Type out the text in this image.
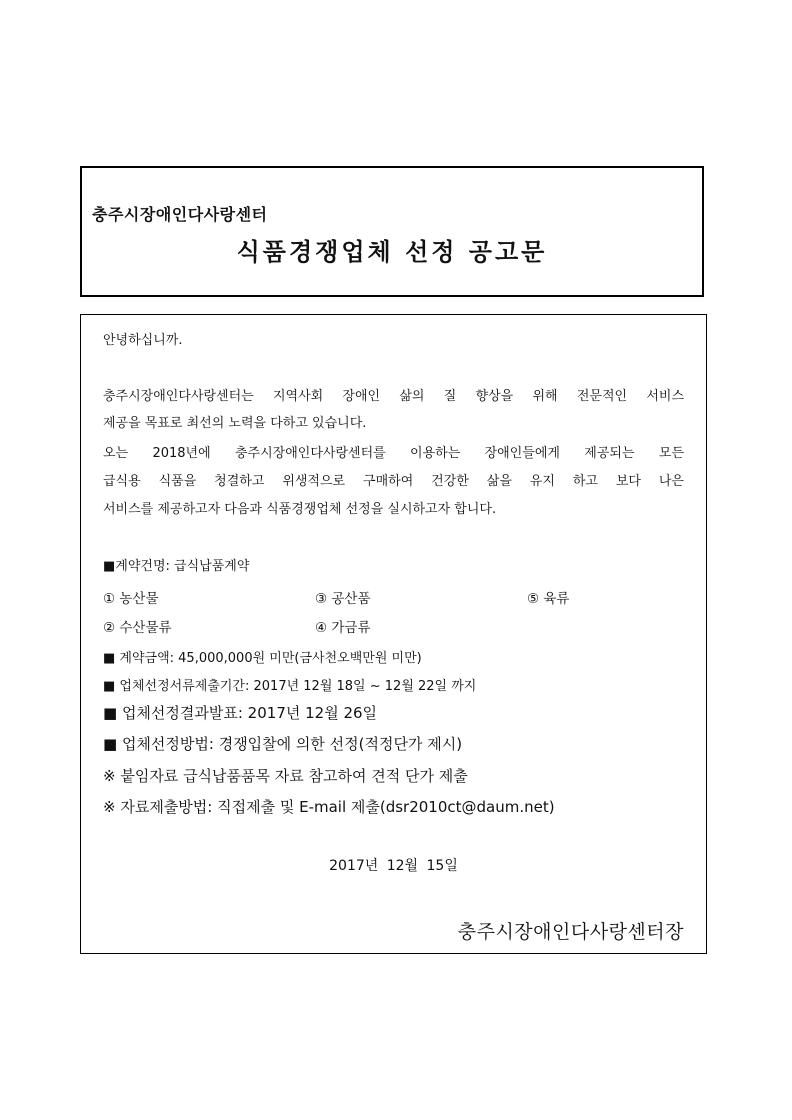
충주시장애인다사랑센터
식품경쟁업체 선정 공고문
안녕하십니까.
충주시장애인다사랑센터는 지역사회 장애인 삶의 질 향상을 위해 전문적인 서비스
제공을 목표로 최선의 노력을 다하고 있습니다.
오는 2018년에 충주시장애인다사랑센터를 이용하는 장애인들에게 제공되는 모든
급식용 식품을 청결하고 위생적으로 구매하여 건강한 삶을 유지 하고 보다 나은
서비스를 제공하고자 다음과 식품경쟁업체 선정을 실시하고자 합니다.
■계약건명: 급식납품계약
① 농산물	③ 공산품	⑤ 육류
② 수산물류	④ 가금류
■ 계약금액: 45,000,000원 미만(금사천오백만원 미만)
■ 업체선정서류제출기간: 2017년 12월 18일 ~ 12월 22일 까지
■ 업체선정결과발표: 2017년 12월 26일
■ 업체선정방법: 경쟁입찰에 의한 선정(적정단가 제시)
※ 붙임자료 급식납품품목 자료 참고하여 견적 단가 제출
※ 자료제출방법: 직접제출 및 E-mail 제출(dsr2010ct@daum.net)
2017년 12월 15일
충주시장애인다사랑센터장
